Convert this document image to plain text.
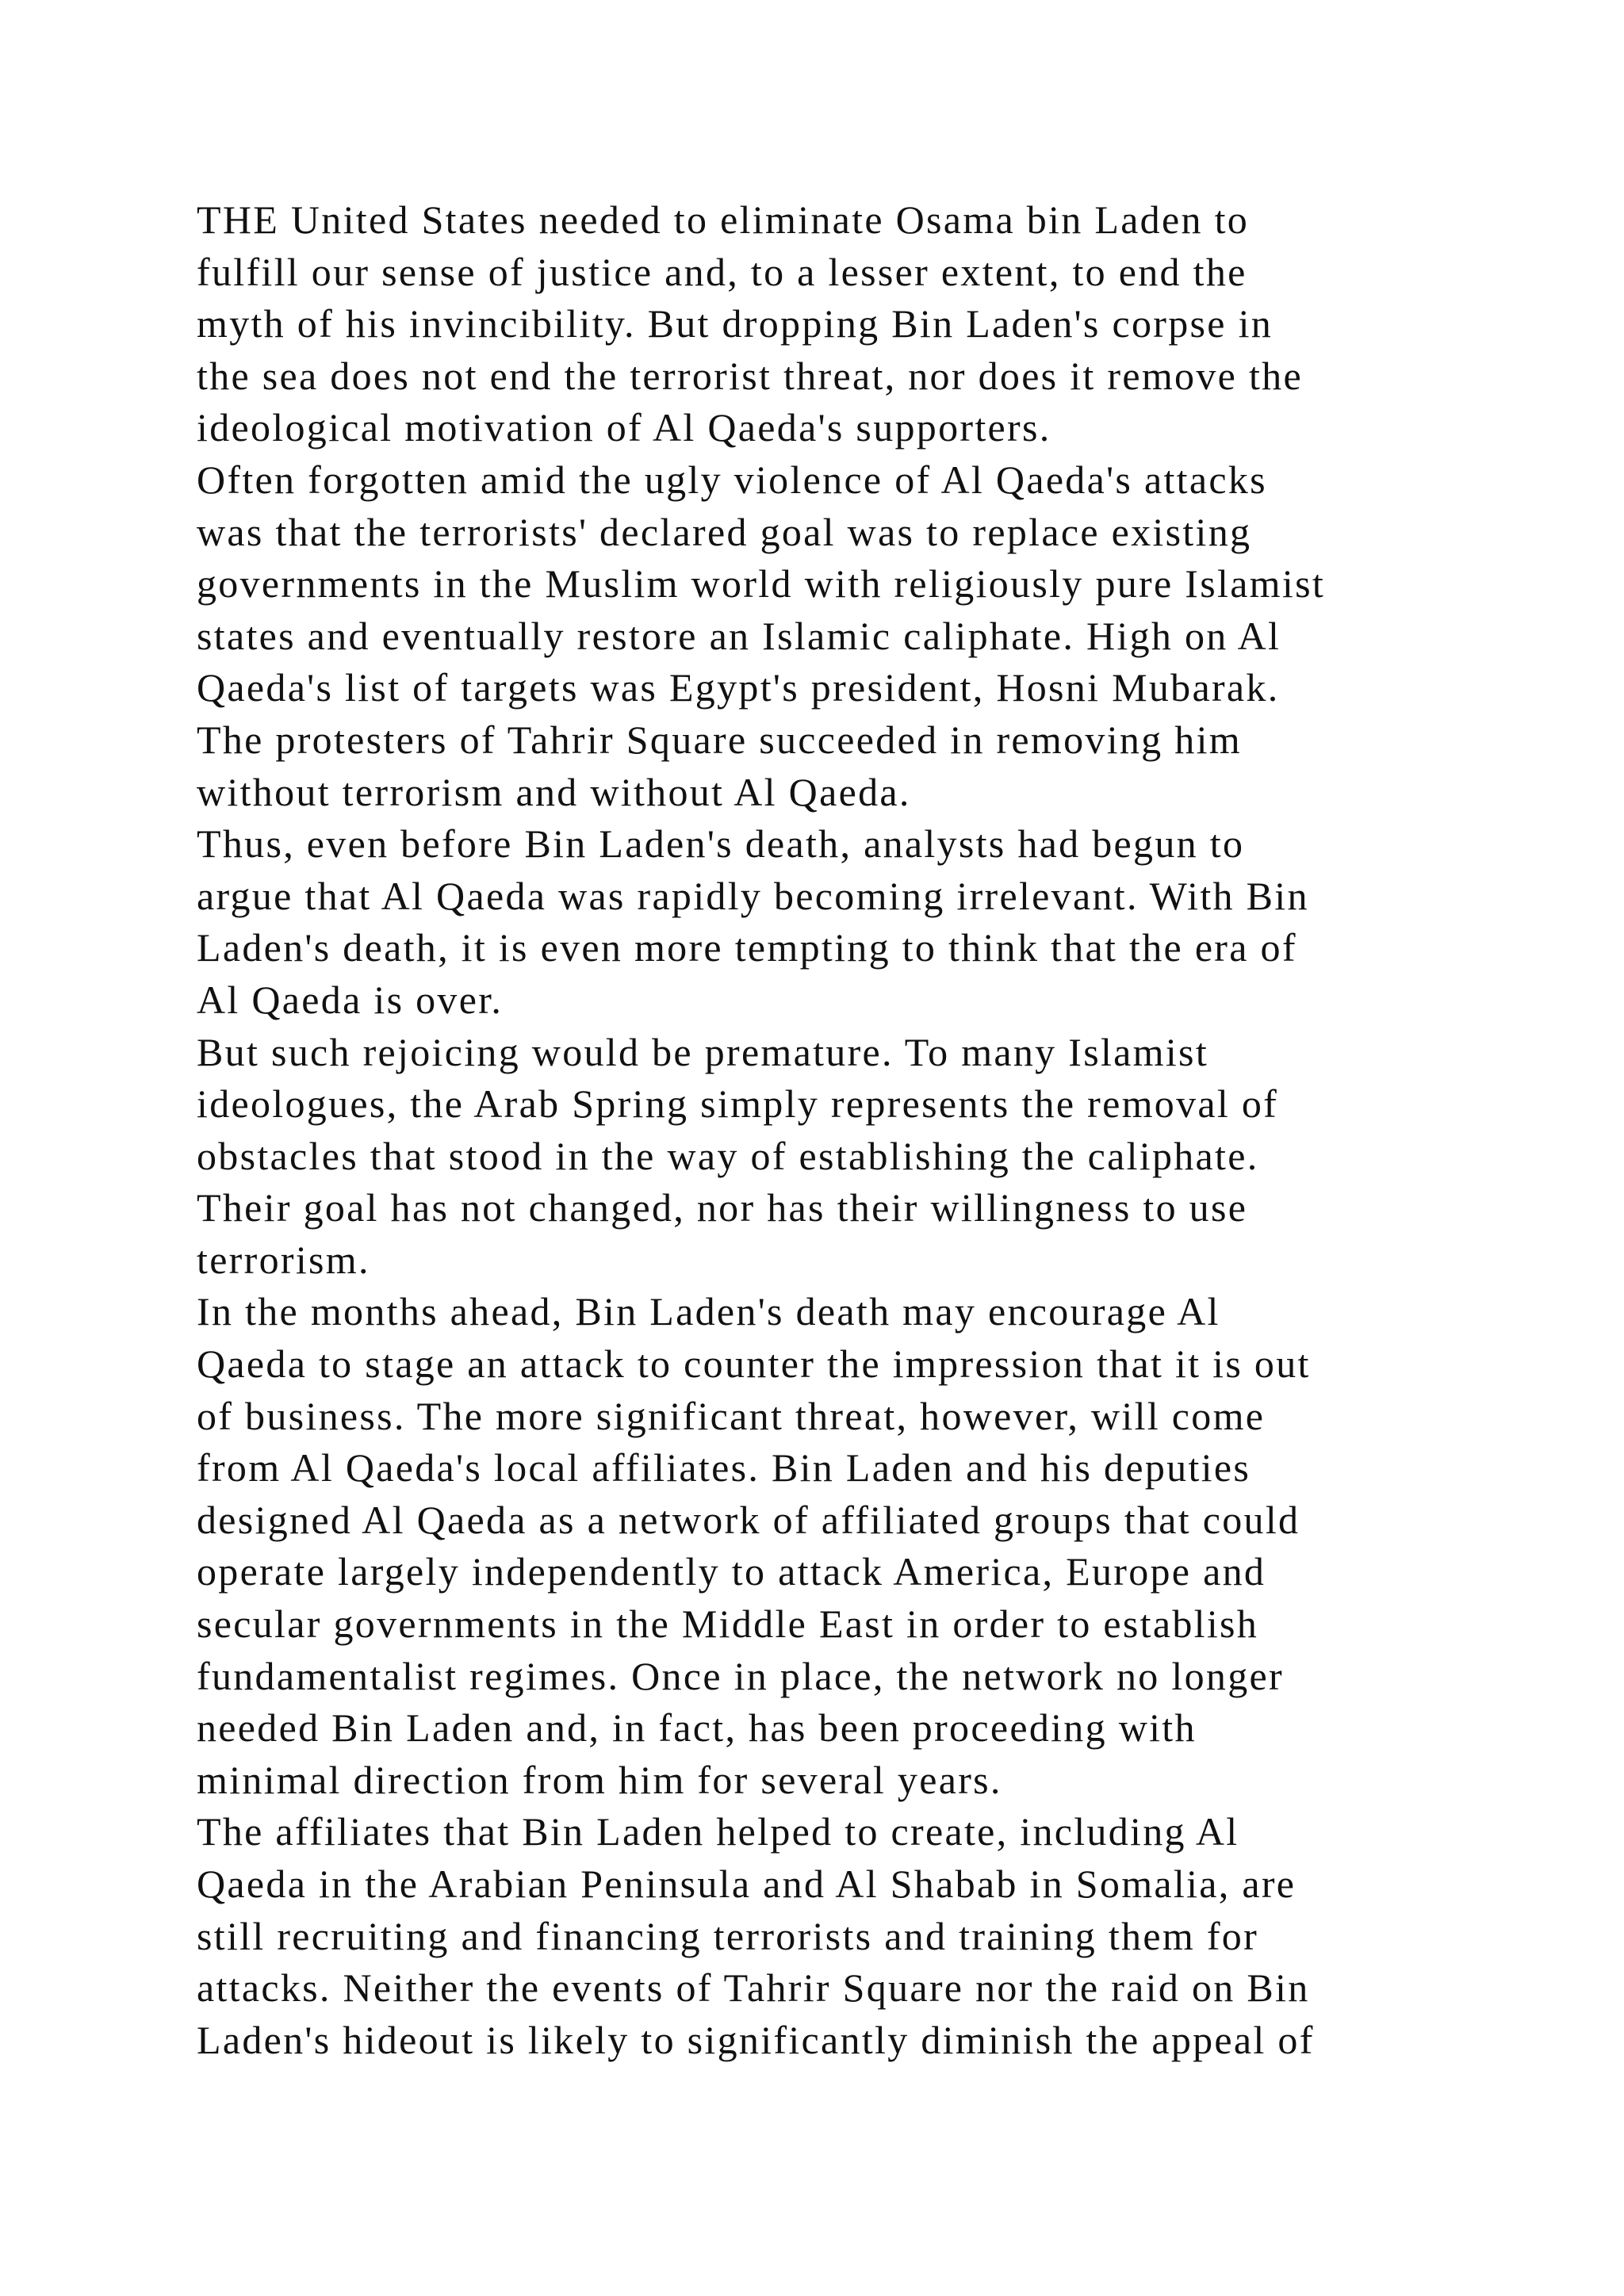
THE United States needed to eliminate Osama bin Laden to
fulfill our sense of justice and, to a lesser extent, to end the
myth of his invincibility. But dropping Bin Laden's corpse in
the sea does not end the terrorist threat, nor does it remove the
ideological motivation of Al Qaeda's supporters.
Often forgotten amid the ugly violence of Al Qaeda's attacks
was that the terrorists' declared goal was to replace existing
governments in the Muslim world with religiously pure Islamist
states and eventually restore an Islamic caliphate. High on Al
Qaeda's list of targets was Egypt's president, Hosni Mubarak.
The protesters of Tahrir Square succeeded in removing him
without terrorism and without Al Qaeda.
Thus, even before Bin Laden's death, analysts had begun to
argue that Al Qaeda was rapidly becoming irrelevant. With Bin
Laden's death, it is even more tempting to think that the era of
Al Qaeda is over.
But such rejoicing would be premature. To many Islamist
ideologues, the Arab Spring simply represents the removal of
obstacles that stood in the way of establishing the caliphate.
Their goal has not changed, nor has their willingness to use
terrorism.
In the months ahead, Bin Laden's death may encourage Al
Qaeda to stage an attack to counter the impression that it is out
of business. The more significant threat, however, will come
from Al Qaeda's local affiliates. Bin Laden and his deputies
designed Al Qaeda as a network of affiliated groups that could
operate largely independently to attack America, Europe and
secular governments in the Middle East in order to establish
fundamentalist regimes. Once in place, the network no longer
needed Bin Laden and, in fact, has been proceeding with
minimal direction from him for several years.
The affiliates that Bin Laden helped to create, including Al
Qaeda in the Arabian Peninsula and Al Shabab in Somalia, are
still recruiting and financing terrorists and training them for
attacks. Neither the events of Tahrir Square nor the raid on Bin
Laden's hideout is likely to significantly diminish the appeal of
